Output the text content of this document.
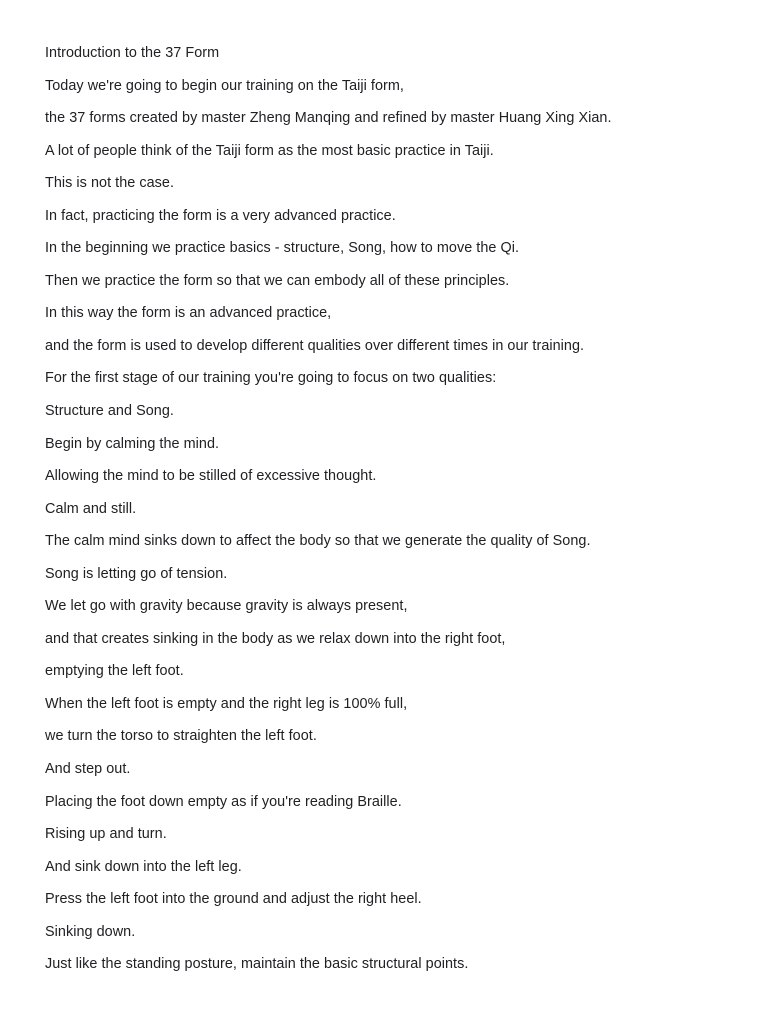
Introduction to the 37 Form
Today we're going to begin our training on the Taiji form,
the 37 forms created by master Zheng Manqing and refined by master Huang Xing Xian.
A lot of people think of the Taiji form as the most basic practice in Taiji.
This is not the case.
In fact, practicing the form is a very advanced practice.
In the beginning we practice basics - structure, Song, how to move the Qi.
Then we practice the form so that we can embody all of these principles.
In this way the form is an advanced practice,
and the form is used to develop different qualities over different times in our training.
For the first stage of our training you're going to focus on two qualities:
Structure and Song.
Begin by calming the mind.
Allowing the mind to be stilled of excessive thought.
Calm and still.
The calm mind sinks down to affect the body so that we generate the quality of Song.
Song is letting go of tension.
We let go with gravity because gravity is always present,
and that creates sinking in the body as we relax down into the right foot,
emptying the left foot.
When the left foot is empty and the right leg is 100% full,
we turn the torso to straighten the left foot.
And step out.
Placing the foot down empty as if you're reading Braille.
Rising up and turn.
And sink down into the left leg.
Press the left foot into the ground and adjust the right heel.
Sinking down.
Just like the standing posture, maintain the basic structural points.
